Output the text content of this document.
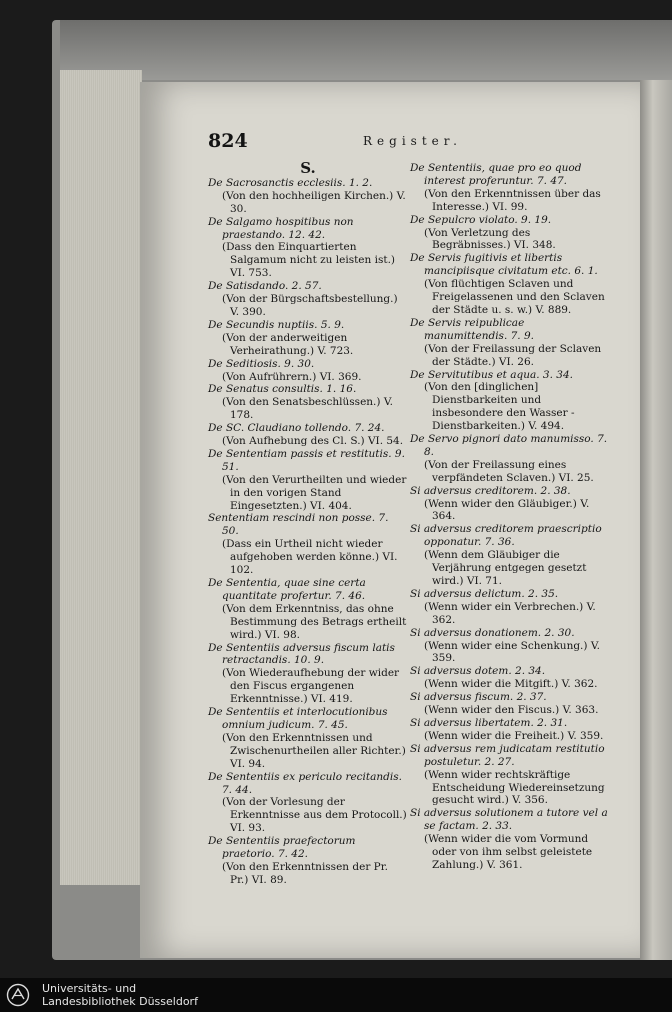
824	Register.
S.
De Sacrosanctis ecclesiis. 1. 2.
(Von den hochheiligen Kirchen.) V. 30.
De Salgamo hospitibus non praestando. 12. 42.
(Dass den Einquartierten Salgamum nicht zu leisten ist.) VI. 753.
De Satisdando. 2. 57.
(Von der Bürgschaftsbestellung.) V. 390.
De Secundis nuptiis. 5. 9.
(Von der anderweitigen Verheirathung.) V. 723.
De Seditiosis. 9. 30.
(Von Aufrührern.) VI. 369.
De Senatus consultis. 1. 16.
(Von den Senatsbeschlüssen.) V. 178.
De SC. Claudiano tollendo. 7. 24.
(Von Aufhebung des Cl. S.) VI. 54.
De Sententiam passis et restitutis. 9. 51.
(Von den Verurtheilten und wieder in den vorigen Stand Eingesetzten.) VI. 404.
Sententiam rescindi non posse. 7. 50.
(Dass ein Urtheil nicht wieder aufgehoben werden könne.) VI. 102.
De Sententia, quae sine certa quantitate profertur. 7. 46.
(Von dem Erkenntniss, das ohne Bestimmung des Betrags ertheilt wird.) VI. 98.
De Sententiis adversus fiscum latis retractandis. 10. 9.
(Von Wiederaufhebung der wider den Fiscus ergangenen Erkenntnisse.) VI. 419.
De Sententiis et interlocutionibus omnium judicum. 7. 45.
(Von den Erkenntnissen und Zwischenurtheilen aller Richter.) VI. 94.
De Sententiis ex periculo recitandis. 7. 44.
(Von der Vorlesung der Erkenntnisse aus dem Protocoll.) VI. 93.
De Sententiis praefectorum praetorio. 7. 42.
(Von den Erkenntnissen der Pr. Pr.) VI. 89.
De Sententiis, quae pro eo quod interest proferuntur. 7. 47.
(Von den Erkenntnissen über das Interesse.) VI. 99.
De Sepulcro violato. 9. 19.
(Von Verletzung des Begräbnisses.) VI. 348.
De Servis fugitivis et libertis mancipiisque civitatum etc. 6. 1.
(Von flüchtigen Sclaven und Freigelassenen und den Sclaven der Städte u. s. w.) V. 889.
De Servis reipublicae manumittendis. 7. 9.
(Von der Freilassung der Sclaven der Städte.) VI. 26.
De Servitutibus et aqua. 3. 34.
(Von den [dinglichen] Dienstbarkeiten und insbesondere den Wasser - Dienstbarkeiten.) V. 494.
De Servo pignori dato manumisso. 7. 8.
(Von der Freilassung eines verpfändeten Sclaven.) VI. 25.
Si adversus creditorem. 2. 38.
(Wenn wider den Gläubiger.) V. 364.
Si adversus creditorem praescriptio opponatur. 7. 36.
(Wenn dem Gläubiger die Verjährung entgegen gesetzt wird.) VI. 71.
Si adversus delictum. 2. 35.
(Wenn wider ein Verbrechen.) V. 362.
Si adversus donationem. 2. 30.
(Wenn wider eine Schenkung.) V. 359.
Si adversus dotem. 2. 34.
(Wenn wider die Mitgift.) V. 362.
Si adversus fiscum. 2. 37.
(Wenn wider den Fiscus.) V. 363.
Si adversus libertatem. 2. 31.
(Wenn wider die Freiheit.) V. 359.
Si adversus rem judicatam restitutio postuletur. 2. 27.
(Wenn wider rechtskräftige Entscheidung Wiedereinsetzung gesucht wird.) V. 356.
Si adversus solutionem a tutore vel a se factam. 2. 33.
(Wenn wider die vom Vormund oder von ihm selbst geleistete Zahlung.) V. 361.
Universitäts- und
Landesbibliothek Düsseldorf
